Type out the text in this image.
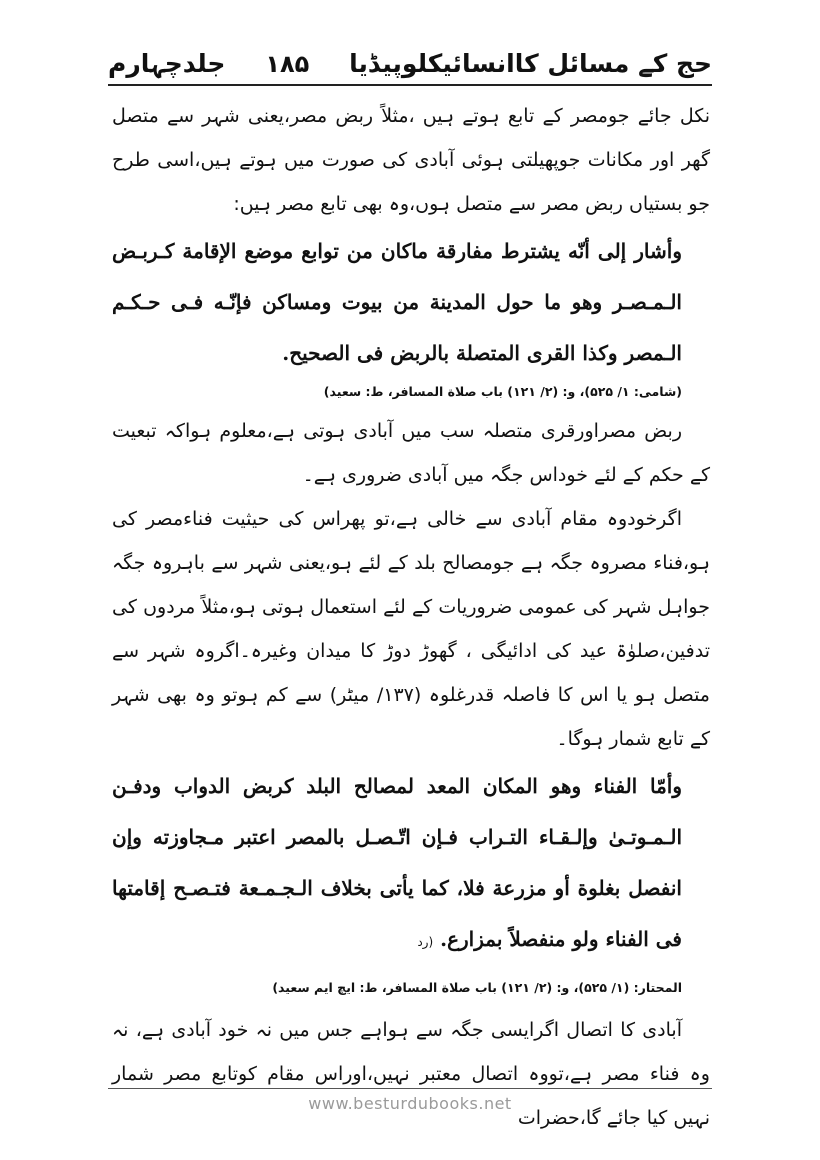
حج کے مسائل کاانسائیکلوپیڈیا
۱۸۵
جلدچہارم

نکل جائے جومصر کے تابع ہوتے ہیں ،مثلاً ربض مصر،یعنی شہر سے متصل گھر اور مکانات جوپھیلتی ہوئی آبادی کی صورت میں ہوتے ہیں،اسی طرح جو بستیاں ربض مصر سے متصل ہوں،وہ بھی تابع مصر ہیں:

وأشار إلى أنّه يشترط مفارقة ماكان من توابع موضع الإقامة كـربـض الـمـصـر وهو ما حول المدينة من بيوت ومساكن فإنّـه فـى حـكـم الـمصر وكذا القرى المتصلة بالربض فى الصحيح.

(شامی: ۱/ ۵۲۵)، و: (۲/ ۱۲۱) باب صلاة المسافر، ط: سعید)

ربض مصراورقری متصلہ سب میں آبادی ہوتی ہے،معلوم ہواکہ تبعیت کے حکم کے لئے خوداس جگہ میں آبادی ضروری ہے۔

اگرخودوہ مقام آبادی سے خالی ہے،تو پھراس کی حیثیت فناءمصر کی ہو،فناء مصروہ جگہ ہے جومصالح بلد کے لئے ہو،یعنی شہر سے باہروہ جگہ جواہل شہر کی عمومی ضروریات کے لئے استعمال ہوتی ہو،مثلاً مردوں کی تدفین،صلوٰۃ عید کی ادائیگی ، گھوڑ دوڑ کا میدان وغیرہ۔اگروہ شہر سے متصل ہو یا اس کا فاصلہ قدرغلوہ (۱۳۷/ میٹر) سے کم ہوتو وہ بھی شہر کے تابع شمار ہوگا۔

وأمّا الفناء وهو المكان المعد لمصالح البلد كربض الدواب ودفـن الـمـوتـىٰ وإلـقـاء التـراب فـإن اتّـصـل بالمصر اعتبر مـجاوزته وإن انفصل بغلوة أو مزرعة فلا، كما يأتى بخلاف الـجـمـعة فتـصـح إقامتها فى الفناء ولو منفصلاً بمزارع. (رد

المحتار: (۱/ ۵۲۵)، و: (۲/ ۱۲۱) باب صلاة المسافر، ط: ایچ ایم سعید)

آبادی کا اتصال اگرایسی جگہ سے ہواہے جس میں نہ خود آبادی ہے، نہ وہ فناء مصر ہے،تووہ اتصال معتبر نہیں،اوراس مقام کوتابع مصر شمار نہیں کیا جائے گا،حضرات

www.besturdubooks.net
